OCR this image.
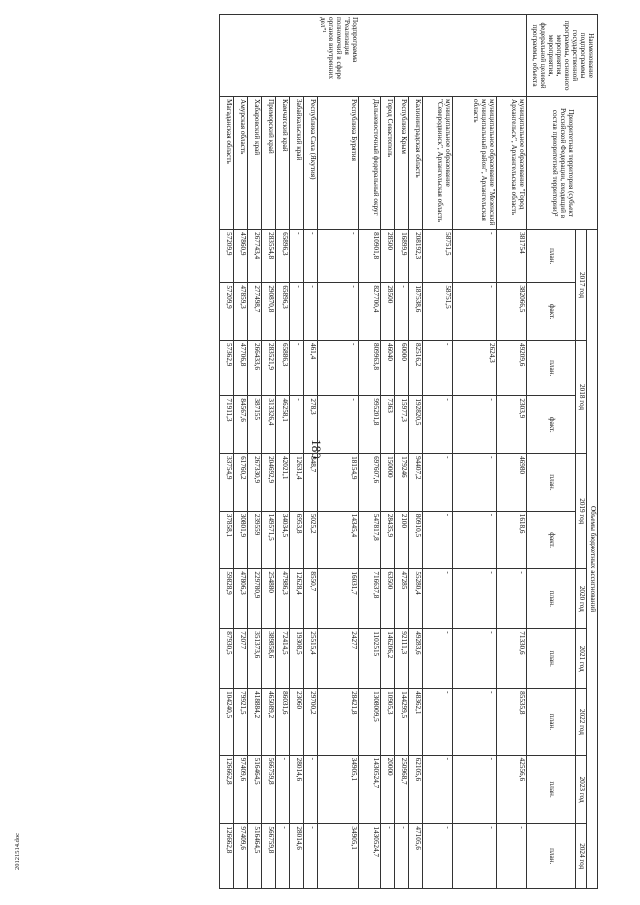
180
20121514.doc
Наименование подпрограммы государственной программы, основного мероприятия, мероприятия, федеральной целевой программы, объекта	Приоритетная территория (субъект Российской Федерации, входящий в состав приоритетной территории)²	Объемы бюджетных ассигнований										
		2017 год		2018 год		2019 год		2020 год	2021 год	2022 год	2023 год	2024 год
		план.	факт.	план.	факт.	план.	факт.	план.	план.	план.	план.	план.
	муниципальное образование "Город Архангельск", Архангельская область	381754	382066,5	49209,6	2303,9	46980	1618,6	-	71330,6	85535,8	42556,6	-
	муниципальное образование "Мезенский муниципальный район", Архангельская область	-	-	2624,3	-	-	-	-	-	-	-	-
	муниципальное образование "Северодвинск", Архангельская область	58751,5	58751,5	-	-	-	-	-	-	-	-	-
	Калининградская область	208192,3	187538,6	82516,2	192820,5	94407,2	80910,5	55280,4	49283,6	48362,1	62105,6	47105,6
	Республика Крым	16899,9	-	60000	15977,3	179246	2100	47285	92111,3	144299,5	250968,7	-
	Город Севастополь	28500	28500	46040	7363	150000	28435,9	63500	146206,2	10905,3	20000	-
	Дальневосточный федеральный округ	810901,8	827700,4	809963,8	995201,8	697607,6	547817,8	716637,8	1102515	1308009,5	1430524,7	1430524,7
Подпрограмма "Реализация полномочий в сфере органов внутренних дел"¹	Республика Бурятия	-	-	-	-	18154,9	14345,4	16031,7	24277	28421,8	34905,1	34905,1
	Республика Саха (Якутия)	-	-	461,4	278,3	848,7	5025,2	8550,7	25515,4	29700,2	-	-
	Забайкальский край	-	-	-	-	12631,4	6953,8	12628,4	19308,5	23060	28014,6	28014,6
	Камчатский край	65896,3	65896,3	65886,3	46258,1	42021,1	34034,5	47986,3	72414,5	86031,6	-	-
	Приморский край	283554,8	290870,8	283521,9	313326,4	204692,9	149571,5	254880	389858,6	465089,2	566759,8	566759,8
	Хабаровский край	267743,4	277498,7	266433,6	387155	267330,9	239559	229780,9	351373,6	418884,2	516464,5	516464,5
	Амурская область	47860,9	47859,3	47706,8	84567,6	61760,2	30801,9	47806,3	72077	79921,5	97409,6	97409,6
	Магаданская область	57209,9	57209,9	57362,9	71911,3	33754,9	37858,1	59828,9	87930,5	104240,5	126662,8	126662,8
